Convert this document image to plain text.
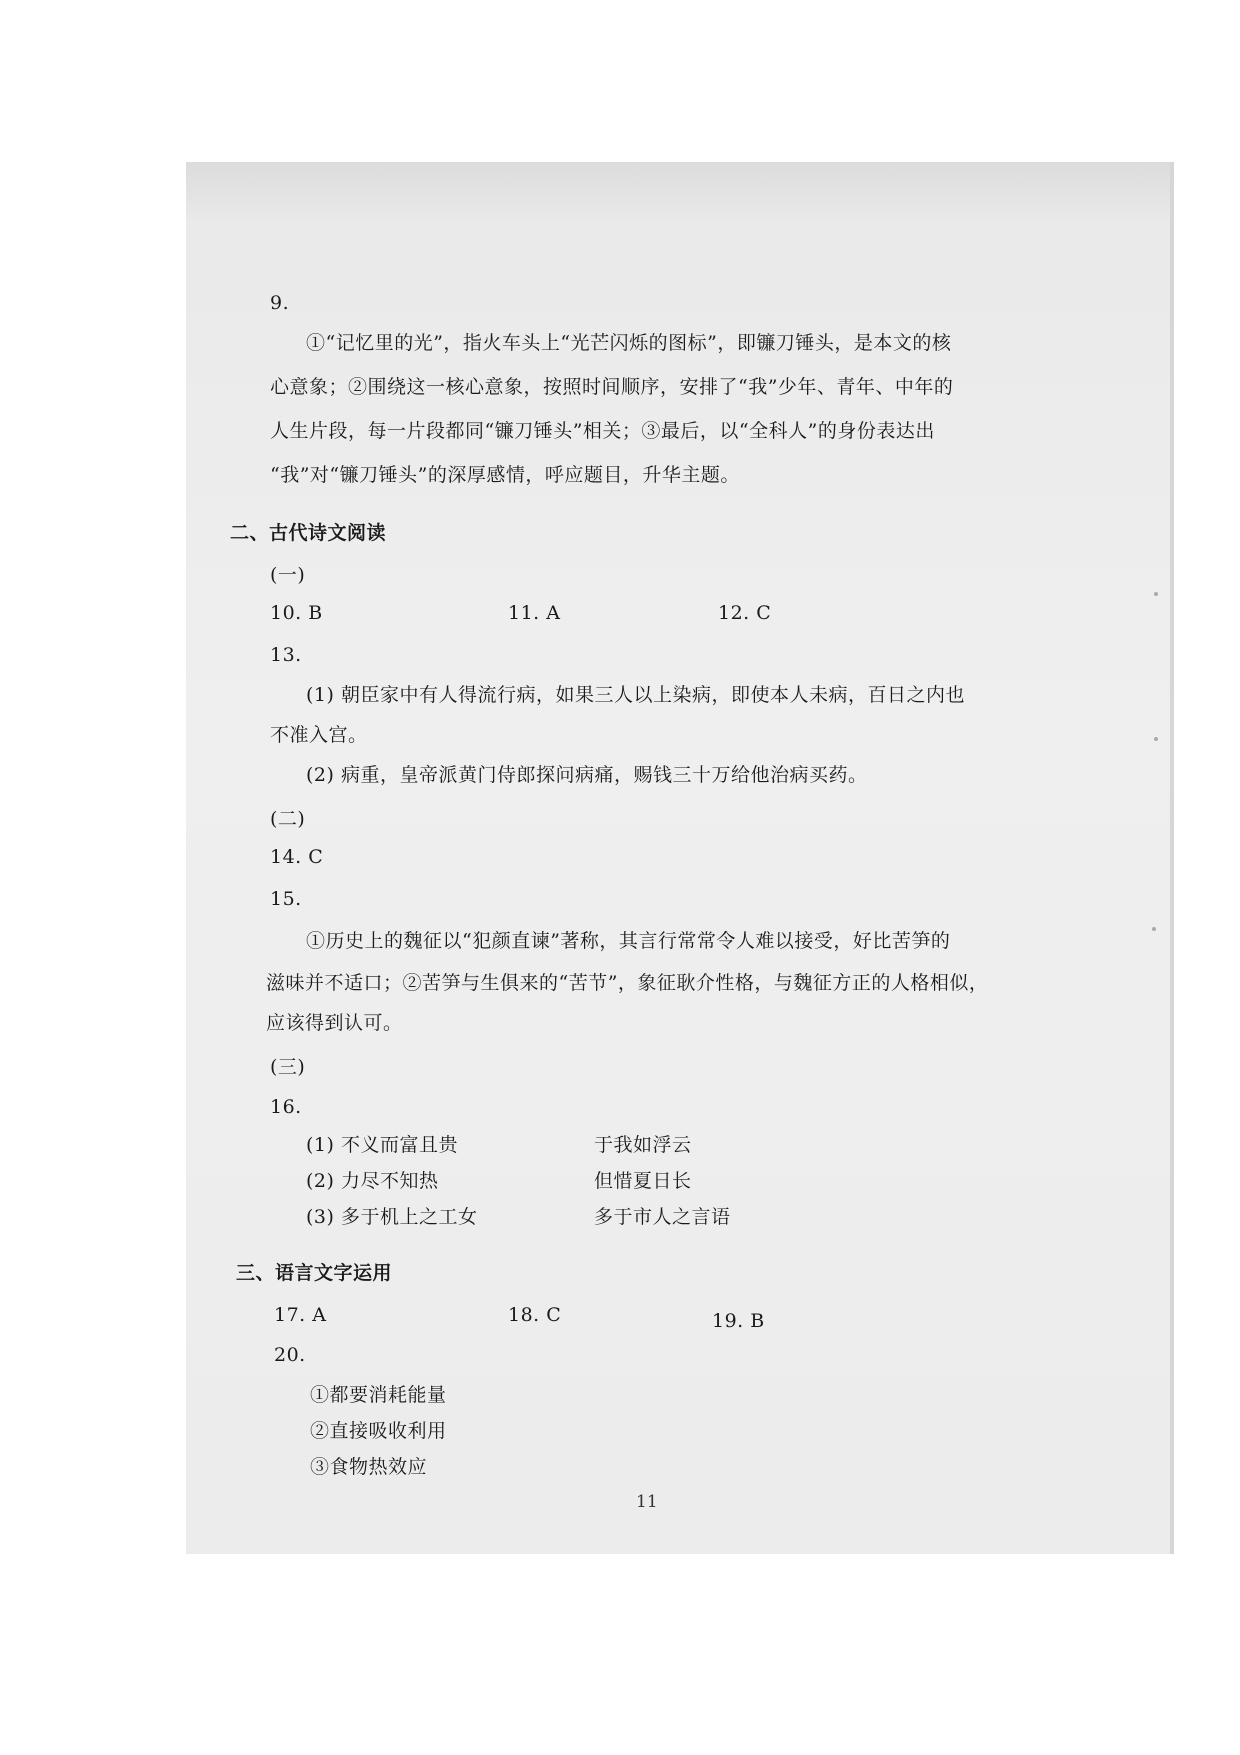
9.
①“记忆里的光”，指火车头上“光芒闪烁的图标”，即镰刀锤头，是本文的核
心意象；②围绕这一核心意象，按照时间顺序，安排了“我”少年、青年、中年的
人生片段，每一片段都同“镰刀锤头”相关；③最后，以“全科人”的身份表达出
“我”对“镰刀锤头”的深厚感情，呼应题目，升华主题。
二、古代诗文阅读
(一)
10. B	11. A	12. C
13.
(1) 朝臣家中有人得流行病，如果三人以上染病，即使本人未病，百日之内也
不准入宫。
(2) 病重，皇帝派黄门侍郎探问病痛，赐钱三十万给他治病买药。
(二)
14. C
15.
①历史上的魏征以“犯颜直谏”著称，其言行常常令人难以接受，好比苦笋的
滋味并不适口；②苦笋与生俱来的“苦节”，象征耿介性格，与魏征方正的人格相似，
应该得到认可。
(三)
16.
(1) 不义而富且贵	于我如浮云
(2) 力尽不知热	但惜夏日长
(3) 多于机上之工女	多于市人之言语
三、语言文字运用
17. A	18. C	19. B
20.
①都要消耗能量
②直接吸收利用
③食物热效应
11
